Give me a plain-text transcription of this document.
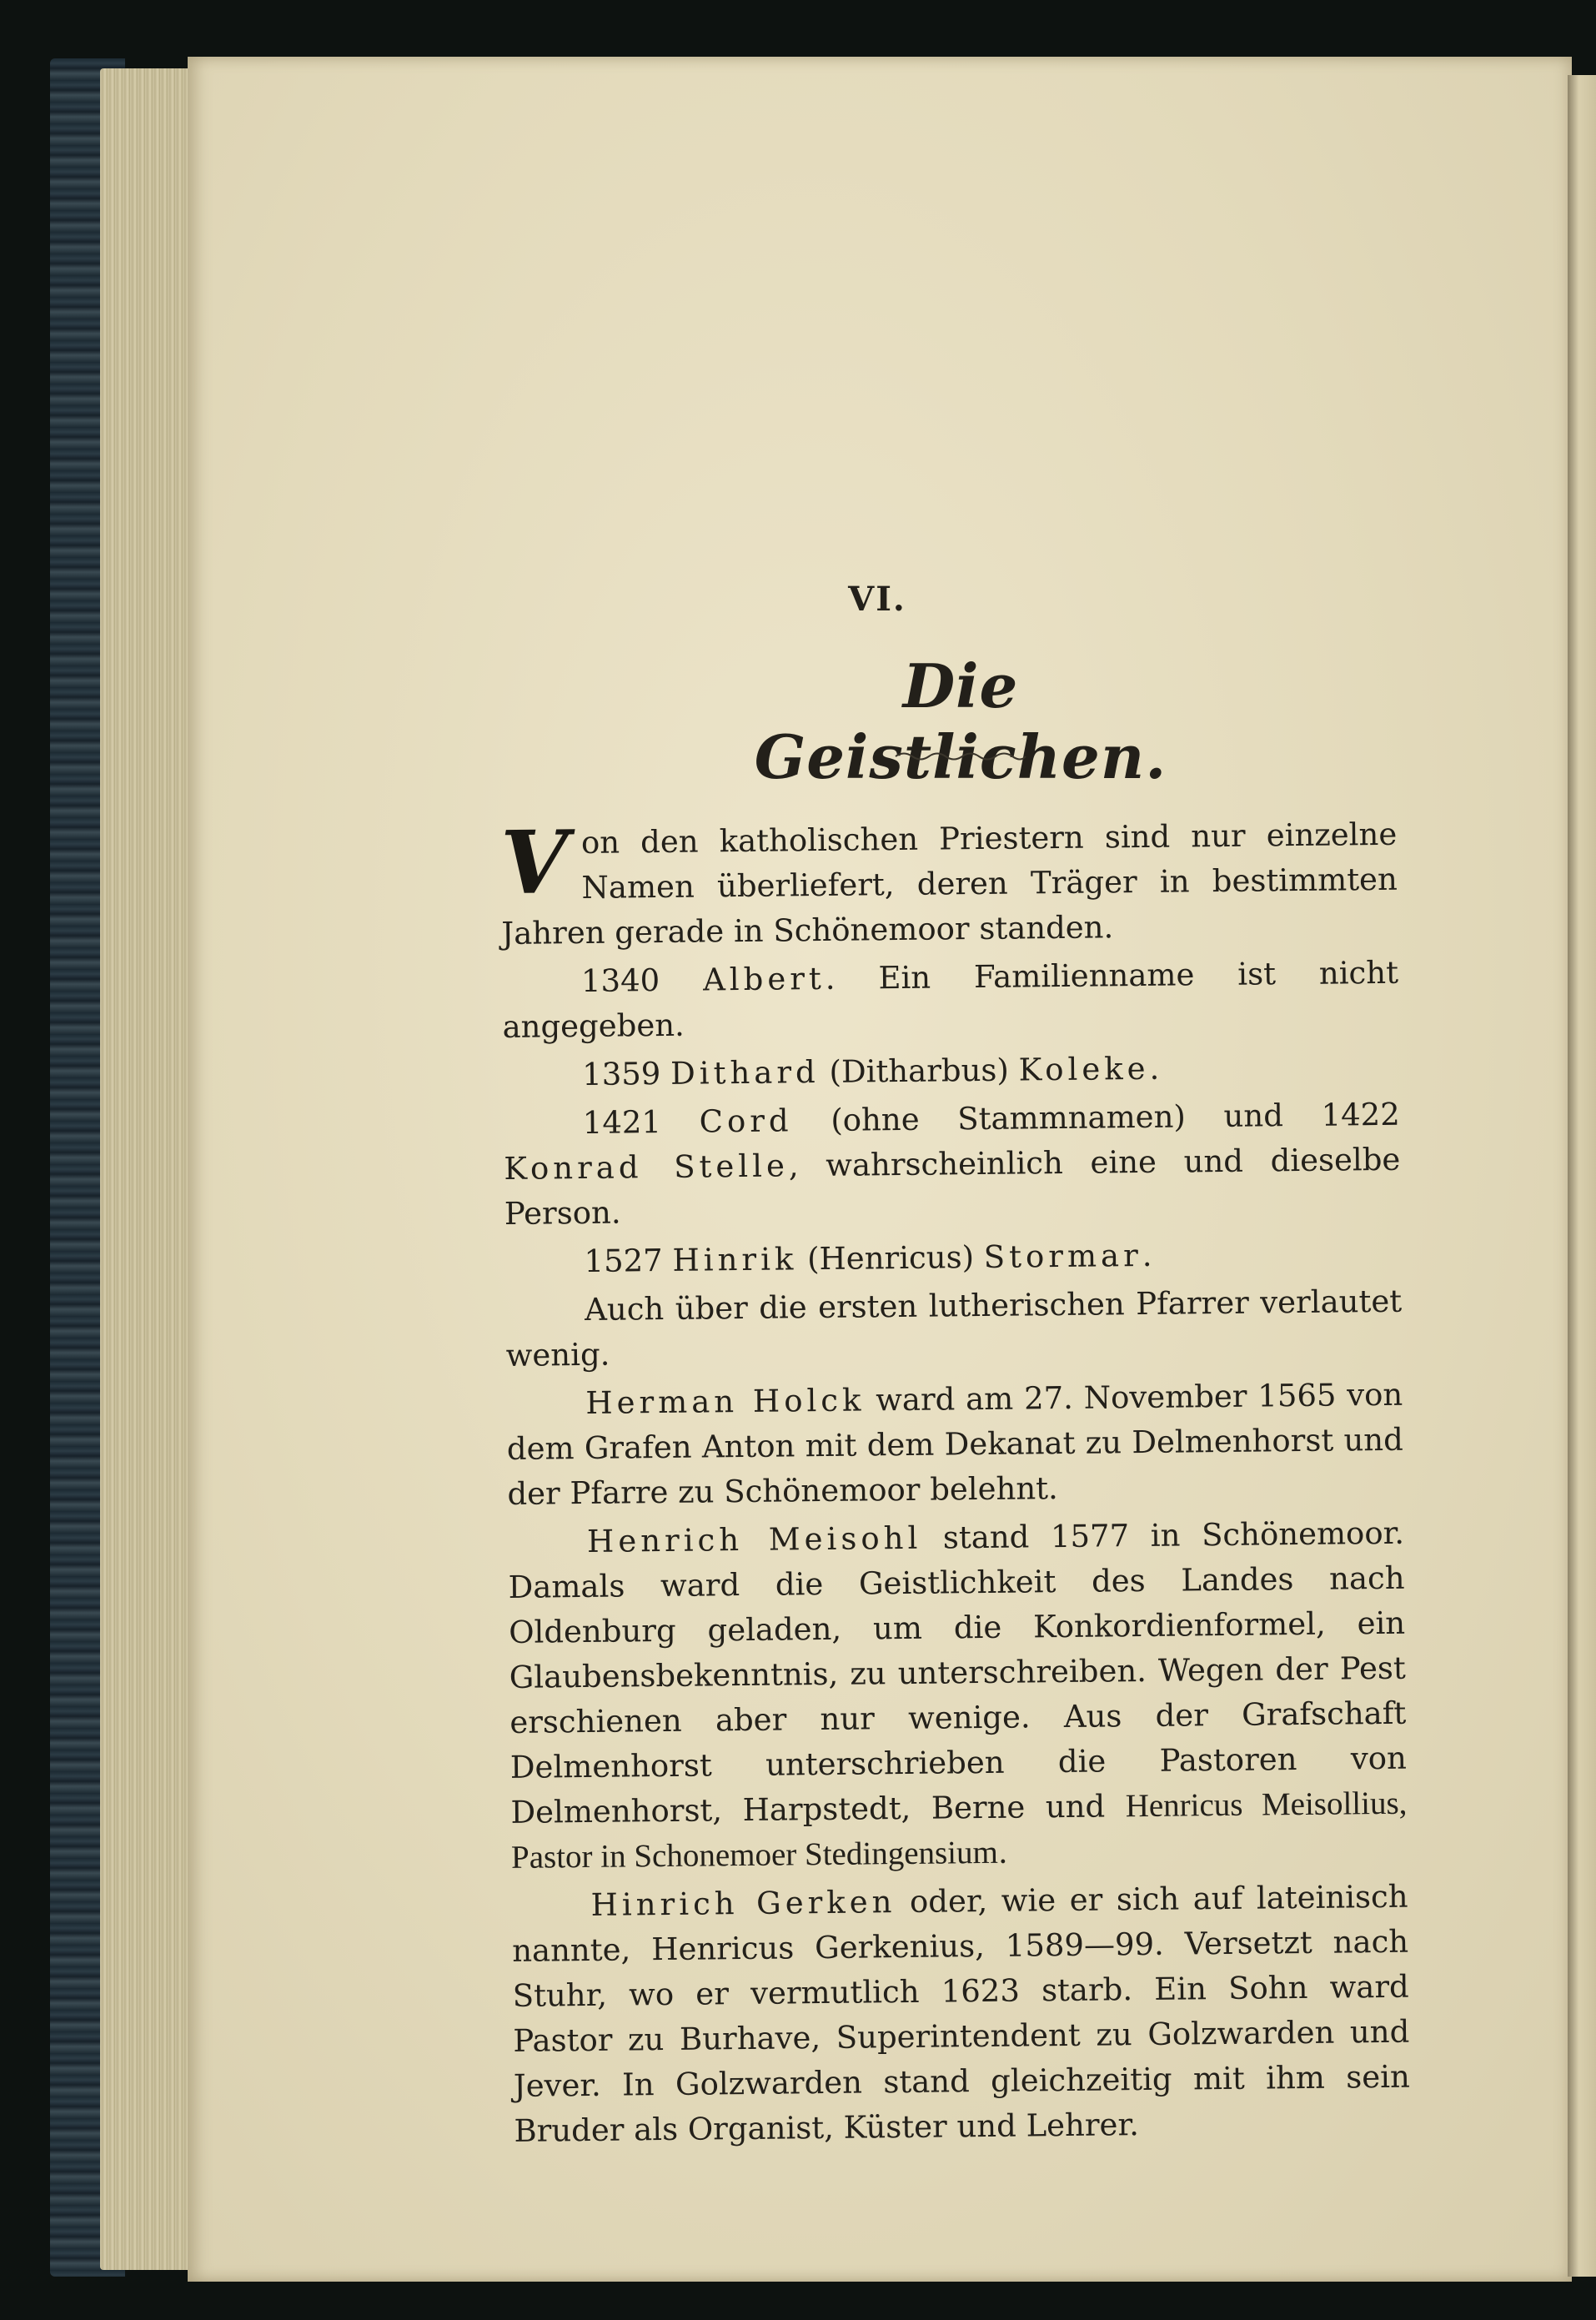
VI.
Die Geistlichen.

Von den katholischen Priestern sind nur einzelne Namen überliefert, deren Träger in bestimmten Jahren gerade in Schönemoor standen.

1340 Albert. Ein Familienname ist nicht angegeben.

1359 Dithard (Ditharbus) Koleke.

1421 Cord (ohne Stammnamen) und 1422 Konrad Stelle, wahrscheinlich eine und dieselbe Person.

1527 Hinrik (Henricus) Stormar.

Auch über die ersten lutherischen Pfarrer verlautet wenig.

Herman Holck ward am 27. November 1565 von dem Grafen Anton mit dem Dekanat zu Delmenhorst und der Pfarre zu Schönemoor belehnt.

Henrich Meisohl stand 1577 in Schönemoor. Damals ward die Geistlichkeit des Landes nach Oldenburg geladen, um die Konkordienformel, ein Glaubensbekenntnis, zu unterschreiben. Wegen der Pest erschienen aber nur wenige. Aus der Grafschaft Delmenhorst unterschrieben die Pastoren von Delmenhorst, Harpstedt, Berne und Henricus Meisollius, Pastor in Schonemoer Stedingensium.

Hinrich Gerken oder, wie er sich auf lateinisch nannte, Henricus Gerkenius, 1589—99. Versetzt nach Stuhr, wo er vermutlich 1623 starb. Ein Sohn ward Pastor zu Burhave, Superintendent zu Golzwarden und Jever. In Golzwarden stand gleichzeitig mit ihm sein Bruder als Organist, Küster und Lehrer.
